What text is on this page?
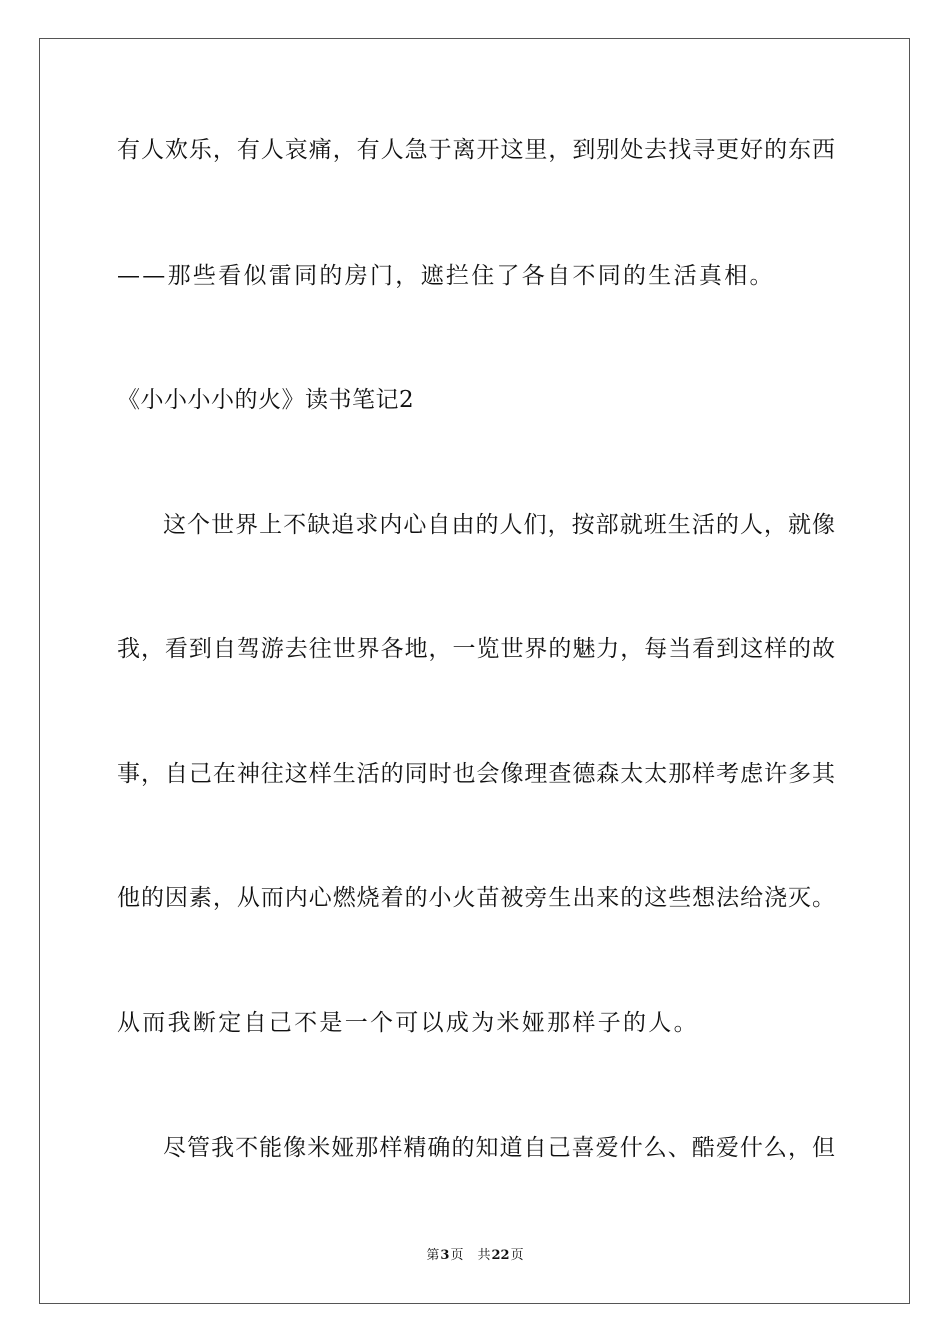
有人欢乐，有人哀痛，有人急于离开这里，到别处去找寻更好的东西
——那些看似雷同的房门，遮拦住了各自不同的生活真相。
《小小小小的火》读书笔记2
这个世界上不缺追求内心自由的人们，按部就班生活的人，就像
我，看到自驾游去往世界各地，一览世界的魅力，每当看到这样的故
事，自己在神往这样生活的同时也会像理查德森太太那样考虑许多其
他的因素，从而内心燃烧着的小火苗被旁生出来的这些想法给浇灭。
从而我断定自己不是一个可以成为米娅那样子的人。
尽管我不能像米娅那样精确的知道自己喜爱什么、酷爱什么，但
第3页 共22页
